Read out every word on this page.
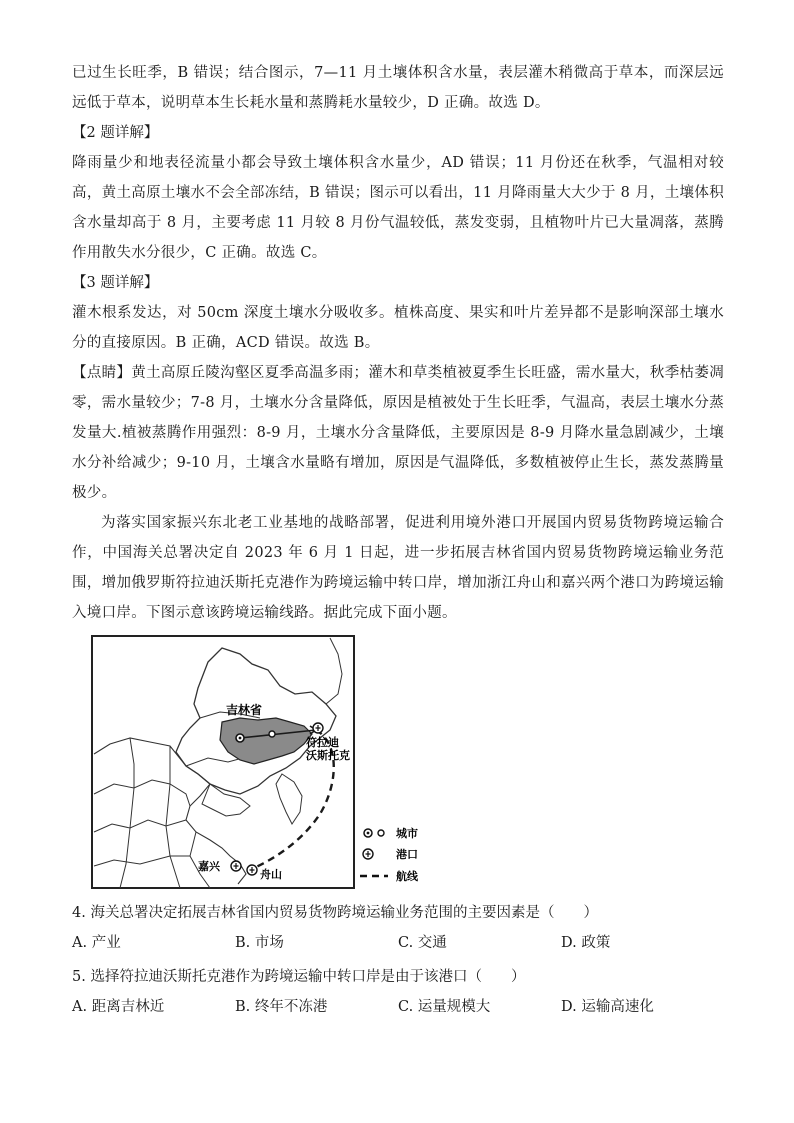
已过生长旺季，B 错误；结合图示，7—11 月土壤体积含水量，表层灌木稍微高于草本，而深层远远低于草本，说明草本生长耗水量和蒸腾耗水量较少，D 正确。故选 D。

【2 题详解】

降雨量少和地表径流量小都会导致土壤体积含水量少，AD 错误；11 月份还在秋季，气温相对较高，黄土高原土壤水不会全部冻结，B 错误；图示可以看出，11 月降雨量大大少于 8 月，土壤体积含水量却高于 8 月，主要考虑 11 月较 8 月份气温较低，蒸发变弱，且植物叶片已大量凋落，蒸腾作用散失水分很少，C 正确。故选 C。

【3 题详解】

灌木根系发达，对 50cm 深度土壤水分吸收多。植株高度、果实和叶片差异都不是影响深部土壤水分的直接原因。B 正确，ACD 错误。故选 B。

【点睛】黄土高原丘陵沟壑区夏季高温多雨；灌木和草类植被夏季生长旺盛，需水量大，秋季枯萎凋零，需水量较少；7-8 月，土壤水分含量降低，原因是植被处于生长旺季，气温高，表层土壤水分蒸发量大.植被蒸腾作用强烈：8-9 月，土壤水分含量降低，主要原因是 8-9 月降水量急剧减少，土壤水分补给减少；9-10 月，土壤含水量略有增加，原因是气温降低，多数植被停止生长，蒸发蒸腾量极少。

为落实国家振兴东北老工业基地的战略部署，促进利用境外港口开展国内贸易货物跨境运输合作，中国海关总署决定自 2023 年 6 月 1 日起，进一步拓展吉林省国内贸易货物跨境运输业务范围，增加俄罗斯符拉迪沃斯托克港作为跨境运输中转口岸，增加浙江舟山和嘉兴两个港口为跨境运输入境口岸。下图示意该跨境运输线路。据此完成下面小题。

吉林省
符拉迪
沃斯托克
嘉兴
舟山
城市
港口
航线

4. 海关总署决定拓展吉林省国内贸易货物跨境运输业务范围的主要因素是（　　）

A. 产业	B. 市场	C. 交通	D. 政策

5. 选择符拉迪沃斯托克港作为跨境运输中转口岸是由于该港口（　　）

A. 距离吉林近	B. 终年不冻港	C. 运量规模大	D. 运输高速化
